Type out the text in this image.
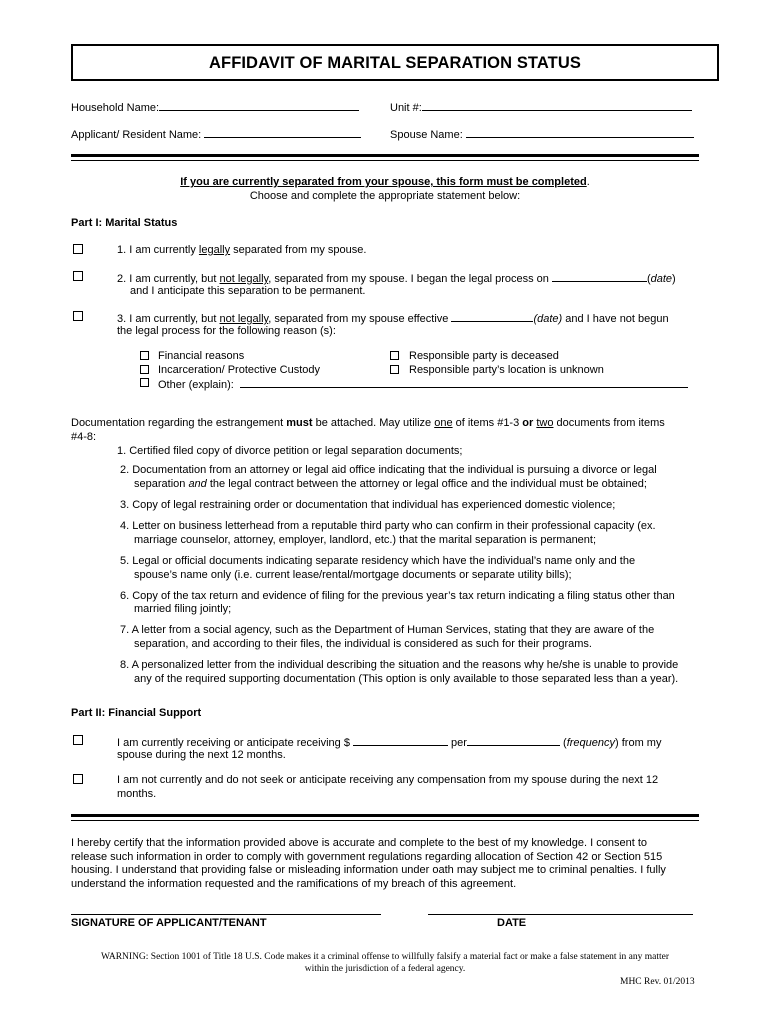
AFFIDAVIT OF MARITAL SEPARATION STATUS
Household Name:	Unit #:
Applicant/ Resident Name:	Spouse Name:
If you are currently separated from your spouse, this form must be completed.
Choose and complete the appropriate statement below:
Part I: Marital Status
1. I am currently legally separated from my spouse.
2. I am currently, but not legally, separated from my spouse. I began the legal process on	(date)
and I anticipate this separation to be permanent.
3. I am currently, but not legally, separated from my spouse effective	(date) and I have not begun
the legal process for the following reason (s):
Financial reasons
Incarceration/ Protective Custody
Other (explain):
Responsible party is deceased
Responsible party’s location is unknown
Documentation regarding the estrangement must be attached. May utilize one of items #1-3 or two documents from items
#4-8:
1. Certified filed copy of divorce petition or legal separation documents;
2. Documentation from an attorney or legal aid office indicating that the individual is pursuing a divorce or legal
separation and the legal contract between the attorney or legal office and the individual must be obtained;
3. Copy of legal restraining order or documentation that individual has experienced domestic violence;
4. Letter on business letterhead from a reputable third party who can confirm in their professional capacity (ex.
marriage counselor, attorney, employer, landlord, etc.) that the marital separation is permanent;
5. Legal or official documents indicating separate residency which have the individual’s name only and the
spouse’s name only (i.e. current lease/rental/mortgage documents or separate utility bills);
6. Copy of the tax return and evidence of filing for the previous year’s tax return indicating a filing status other than
married filing jointly;
7. A letter from a social agency, such as the Department of Human Services, stating that they are aware of the
separation, and according to their files, the individual is considered as such for their programs.
8. A personalized letter from the individual describing the situation and the reasons why he/she is unable to provide
any of the required supporting documentation (This option is only available to those separated less than a year).
Part II: Financial Support
I am currently receiving or anticipate receiving $	per	(frequency) from my
spouse during the next 12 months.
I am not currently and do not seek or anticipate receiving any compensation from my spouse during the next 12
months.
I hereby certify that the information provided above is accurate and complete to the best of my knowledge. I consent to
release such information in order to comply with government regulations regarding allocation of Section 42 or Section 515
housing. I understand that providing false or misleading information under oath may subject me to criminal penalties. I fully
understand the information requested and the ramifications of my breach of this agreement.
SIGNATURE OF APPLICANT/TENANT	DATE
WARNING: Section 1001 of Title 18 U.S. Code makes it a criminal offense to willfully falsify a material fact or make a false statement in any matter
within the jurisdiction of a federal agency.
MHC Rev. 01/2013
